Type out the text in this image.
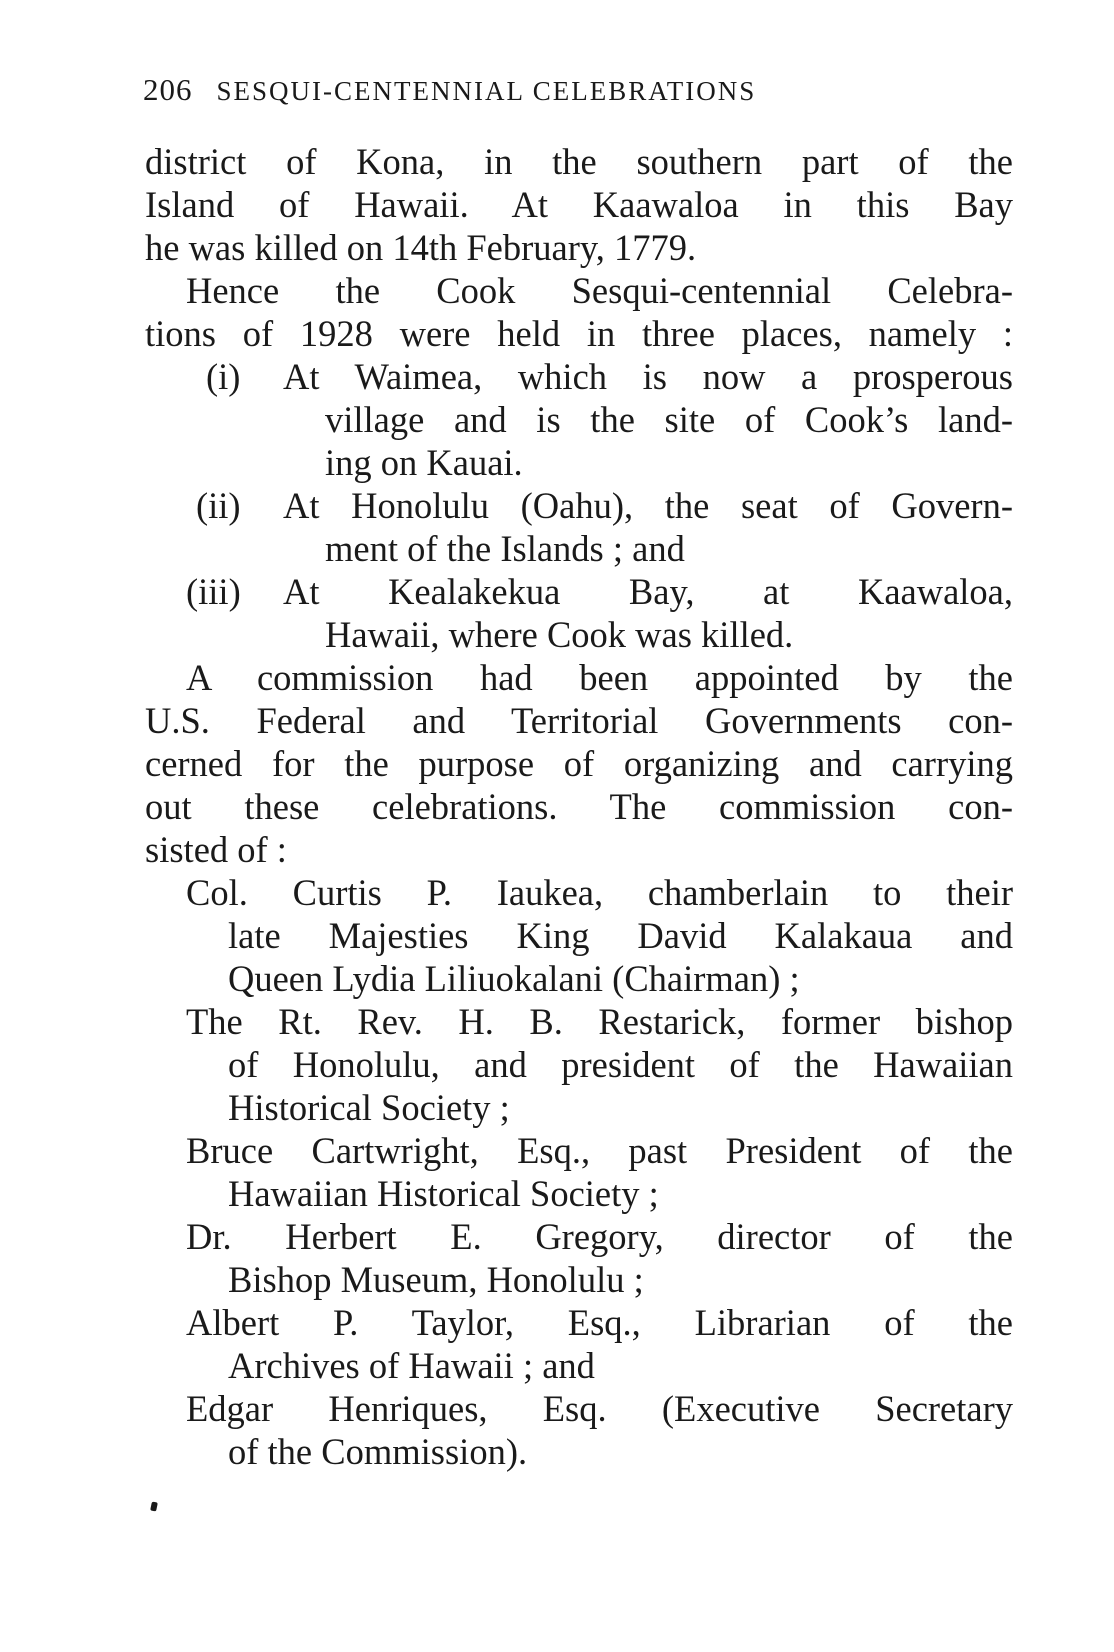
206 SESQUI-CENTENNIAL CELEBRATIONS
district of Kona, in the southern part of the
Island of Hawaii. At Kaawaloa in this Bay
he was killed on 14th February, 1779.
Hence the Cook Sesqui-centennial Celebra-
tions of 1928 were held in three places, namely :
(i) At Waimea, which is now a prosperous
village and is the site of Cook’s land-
ing on Kauai.
(ii) At Honolulu (Oahu), the seat of Govern-
ment of the Islands ; and
(iii) At Kealakekua Bay, at Kaawaloa,
Hawaii, where Cook was killed.
A commission had been appointed by the
U.S. Federal and Territorial Governments con-
cerned for the purpose of organizing and carrying
out these celebrations. The commission con-
sisted of :
Col. Curtis P. Iaukea, chamberlain to their
late Majesties King David Kalakaua and
Queen Lydia Liliuokalani (Chairman) ;
The Rt. Rev. H. B. Restarick, former bishop
of Honolulu, and president of the Hawaiian
Historical Society ;
Bruce Cartwright, Esq., past President of the
Hawaiian Historical Society ;
Dr. Herbert E. Gregory, director of the
Bishop Museum, Honolulu ;
Albert P. Taylor, Esq., Librarian of the
Archives of Hawaii ; and
Edgar Henriques, Esq. (Executive Secretary
of the Commission).
